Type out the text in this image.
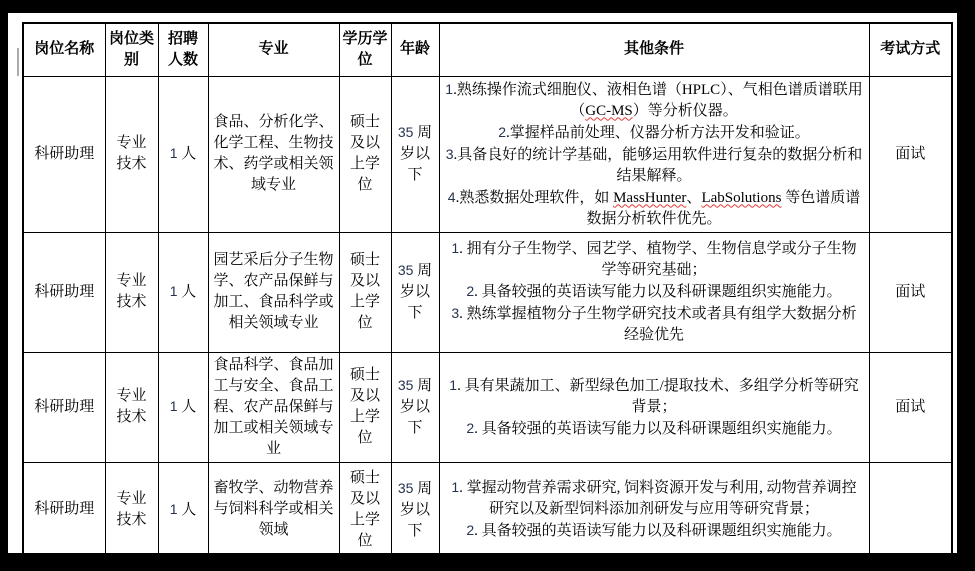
岗位名称	岗位类别	招聘人数	专业	学历学位	年龄	其他条件	考试方式
科研助理	专业技术	1 人	食品、分析化学、化学工程、生物技术、药学或相关领域专业	硕士及以上学位	35 周岁以下	1.熟练操作流式细胞仪、液相色谱（HPLC）、气相色谱质谱联用（GC-MS）等分析仪器。
2.掌握样品前处理、仪器分析方法开发和验证。
3.具备良好的统计学基础，能够运用软件进行复杂的数据分析和结果解释。
4.熟悉数据处理软件，如 MassHunter、LabSolutions 等色谱质谱数据分析软件优先。	面试
科研助理	专业技术	1 人	园艺采后分子生物学、农产品保鲜与加工、食品科学或相关领域专业	硕士及以上学位	35 周岁以下	1. 拥有分子生物学、园艺学、植物学、生物信息学或分子生物学等研究基础；
2. 具备较强的英语读写能力以及科研课题组织实施能力。
3. 熟练掌握植物分子生物学研究技术或者具有组学大数据分析经验优先	面试
科研助理	专业技术	1 人	食品科学、食品加工与安全、食品工程、农产品保鲜与加工或相关领域专业	硕士及以上学位	35 周岁以下	1. 具有果蔬加工、新型绿色加工/提取技术、多组学分析等研究背景；
2. 具备较强的英语读写能力以及科研课题组织实施能力。	面试
科研助理	专业技术	1 人	畜牧学、动物营养与饲料科学或相关领域	硕士及以上学位	35 周岁以下	1. 掌握动物营养需求研究, 饲料资源开发与利用, 动物营养调控研究以及新型饲料添加剂研发与应用等研究背景；
2. 具备较强的英语读写能力以及科研课题组织实施能力。	
